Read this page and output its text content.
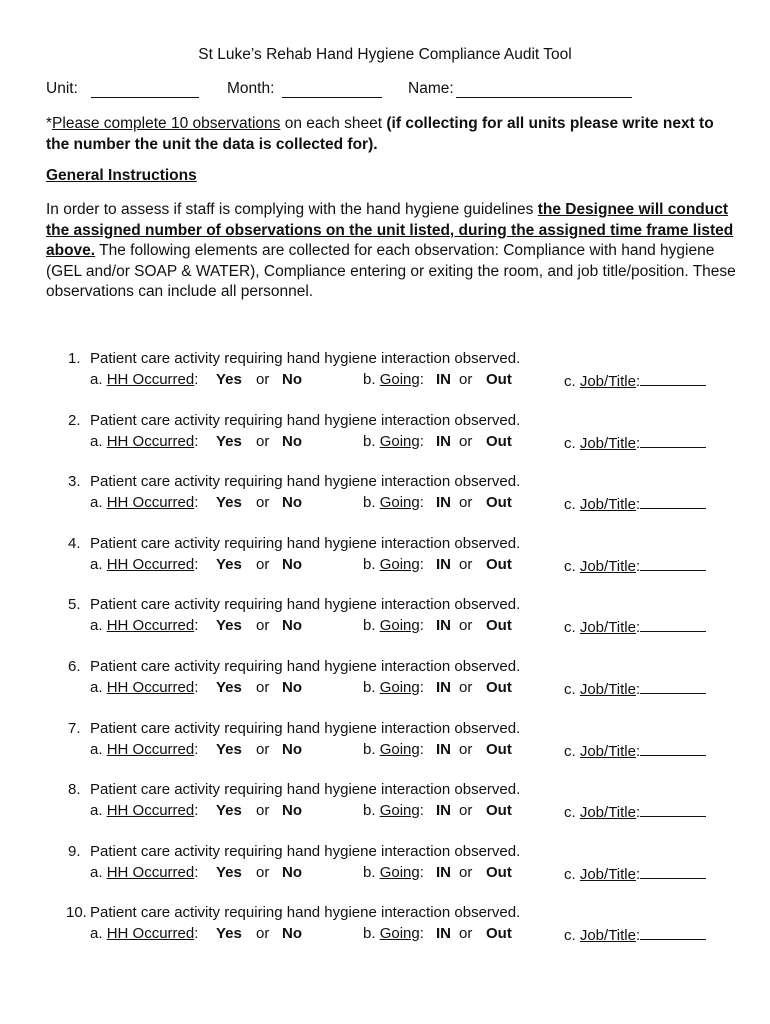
St Luke’s Rehab Hand Hygiene Compliance Audit Tool
Unit:	Month:	Name:
*Please complete 10 observations on each sheet (if collecting for all units please write next to the number the unit the data is collected for).
General Instructions
In order to assess if staff is complying with the hand hygiene guidelines the Designee will conduct the assigned number of observations on the unit listed, during the assigned time frame listed above. The following elements are collected for each observation: Compliance with hand hygiene (GEL and/or SOAP & WATER), Compliance entering or exiting the room, and job title/position. These observations can include all personnel.
1. Patient care activity requiring hand hygiene interaction observed.
a. HH Occurred: Yes or No	b. Going: IN or Out	c. Job/Title:
2. Patient care activity requiring hand hygiene interaction observed.
a. HH Occurred: Yes or No	b. Going: IN or Out	c. Job/Title:
3. Patient care activity requiring hand hygiene interaction observed.
a. HH Occurred: Yes or No	b. Going: IN or Out	c. Job/Title:
4. Patient care activity requiring hand hygiene interaction observed.
a. HH Occurred: Yes or No	b. Going: IN or Out	c. Job/Title:
5. Patient care activity requiring hand hygiene interaction observed.
a. HH Occurred: Yes or No	b. Going: IN or Out	c. Job/Title:
6. Patient care activity requiring hand hygiene interaction observed.
a. HH Occurred: Yes or No	b. Going: IN or Out	c. Job/Title:
7. Patient care activity requiring hand hygiene interaction observed.
a. HH Occurred: Yes or No	b. Going: IN or Out	c. Job/Title:
8. Patient care activity requiring hand hygiene interaction observed.
a. HH Occurred: Yes or No	b. Going: IN or Out	c. Job/Title:
9. Patient care activity requiring hand hygiene interaction observed.
a. HH Occurred: Yes or No	b. Going: IN or Out	c. Job/Title:
10. Patient care activity requiring hand hygiene interaction observed.
a. HH Occurred: Yes or No	b. Going: IN or Out	c. Job/Title:
